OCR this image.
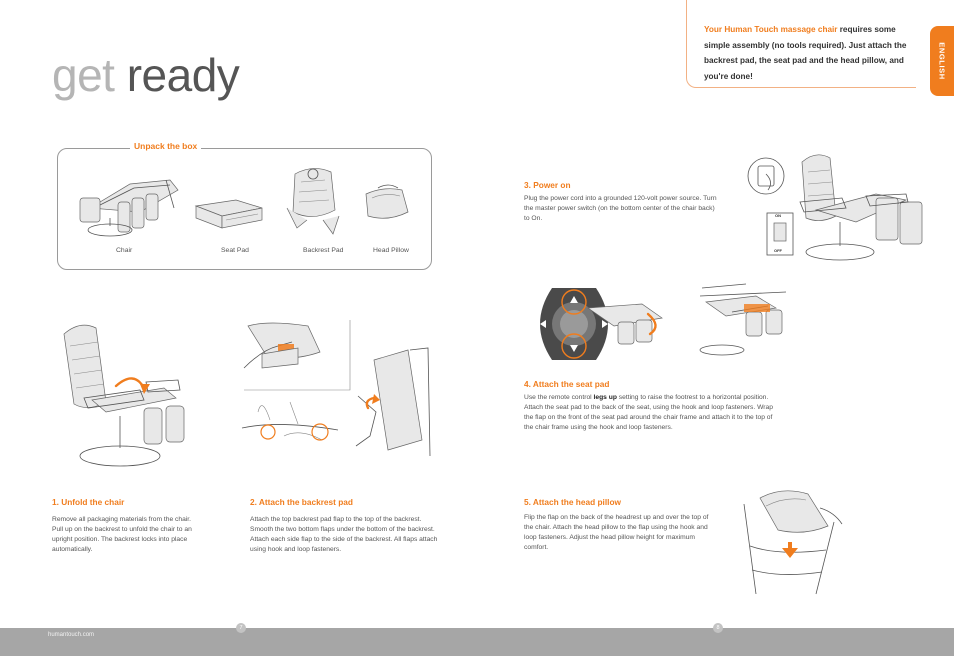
get ready
Your Human Touch massage chair requires some simple assembly (no tools required). Just attach the backrest pad, the seat pad and the head pillow, and you're done!	ENGLISH
Unpack the box
Chair	Seat Pad	Backrest Pad	Head Pillow
3. Power on
Plug the power cord into a grounded 120-volt power source. Turn the master power switch (on the bottom center of the chair back) to On.	ON
OFF
4. Attach the seat pad
Use the remote control legs up setting to raise the footrest to a horizontal position. Attach the seat pad to the back of the seat, using the hook and loop fasteners. Wrap the flap on the front of the seat pad around the chair frame and attach it to the top of the chair frame using the hook and loop fasteners.
1. Unfold the chair
Remove all packaging materials from the chair. Pull up on the backrest to unfold the chair to an upright position. The backrest locks into place automatically.
2. Attach the backrest pad
Attach the top backrest pad flap to the top of the backrest. Smooth the two bottom flaps under the bottom of the backrest. Attach each side flap to the side of the backrest. All flaps attach using hook and loop fasteners.
5. Attach the head pillow
Flip the flap on the back of the headrest up and over the top of the chair. Attach the head pillow to the flap using the hook and loop fasteners. Adjust the head pillow height for maximum comfort.
humantouch.com
7	8
